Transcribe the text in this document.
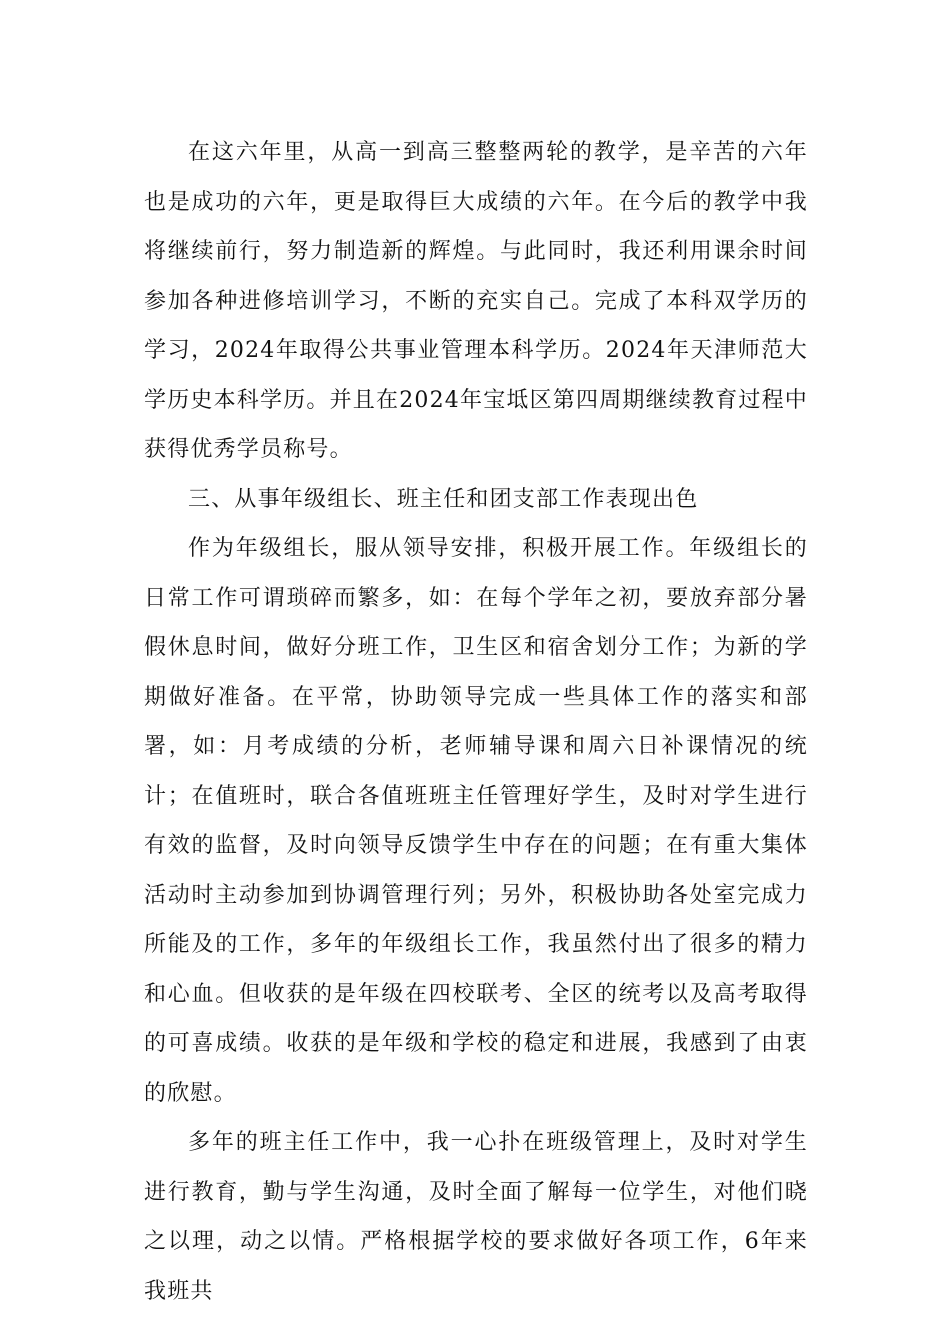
在这六年里，从高一到高三整整两轮的教学，是辛苦的六年也是成功的六年，更是取得巨大成绩的六年。在今后的教学中我将继续前行，努力制造新的辉煌。与此同时，我还利用课余时间参加各种进修培训学习，不断的充实自己。完成了本科双学历的学习，2024年取得公共事业管理本科学历。2024年天津师范大学历史本科学历。并且在2024年宝坻区第四周期继续教育过程中获得优秀学员称号。

三、从事年级组长、班主任和团支部工作表现出色

作为年级组长，服从领导安排，积极开展工作。年级组长的日常工作可谓琐碎而繁多，如：在每个学年之初，要放弃部分暑假休息时间，做好分班工作，卫生区和宿舍划分工作；为新的学期做好准备。在平常，协助领导完成一些具体工作的落实和部署，如：月考成绩的分析，老师辅导课和周六日补课情况的统计；在值班时，联合各值班班主任管理好学生，及时对学生进行有效的监督，及时向领导反馈学生中存在的问题；在有重大集体活动时主动参加到协调管理行列；另外，积极协助各处室完成力所能及的工作，多年的年级组长工作，我虽然付出了很多的精力和心血。但收获的是年级在四校联考、全区的统考以及高考取得的可喜成绩。收获的是年级和学校的稳定和进展，我感到了由衷的欣慰。

多年的班主任工作中，我一心扑在班级管理上，及时对学生进行教育，勤与学生沟通，及时全面了解每一位学生，对他们晓之以理，动之以情。严格根据学校的要求做好各项工作，6年来我班共
